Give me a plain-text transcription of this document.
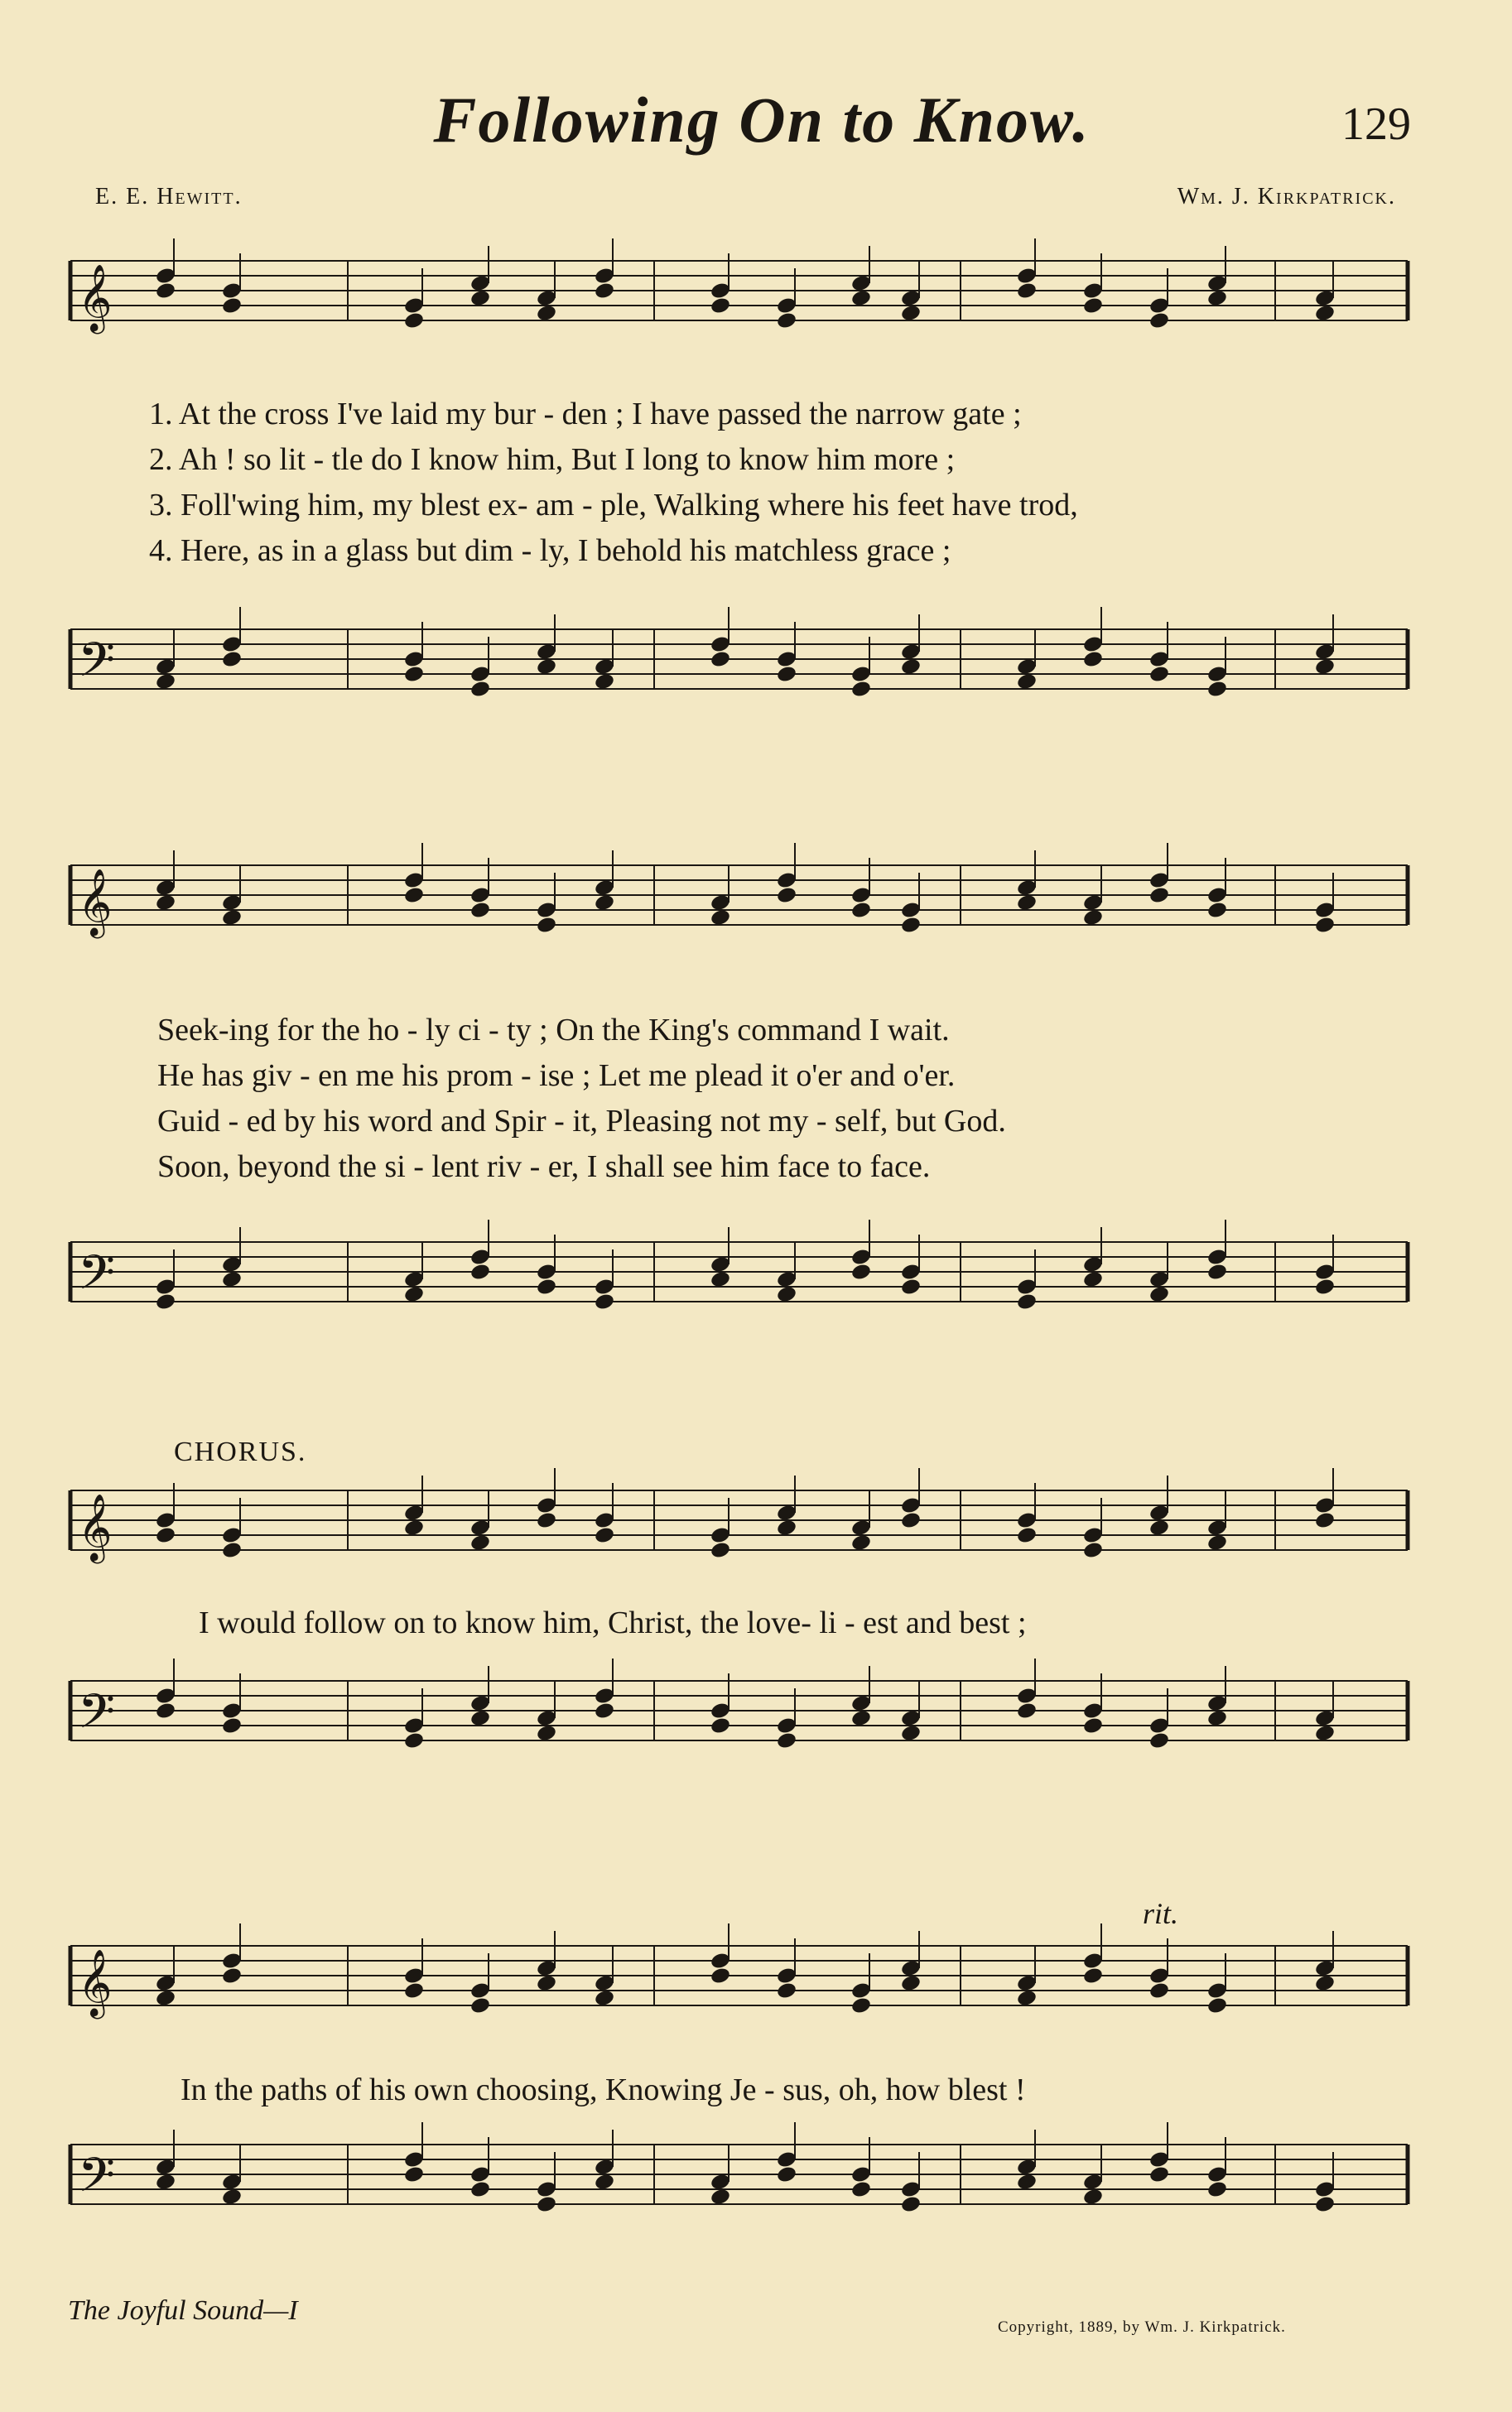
Following On to Know.	129
E. E. Hewitt.	Wm. J. Kirkpatrick.
𝄞
1. At the cross I've laid my bur - den ; I have passed the narrow gate ;
2. Ah ! so lit - tle do I know him, But I long to know him more ;
3. Foll'wing him, my blest ex- am - ple, Walking where his feet have trod,
4. Here, as in a glass but dim - ly, I behold his matchless grace ;
𝄢
𝄞
Seek-ing for the ho - ly ci - ty ; On the King's command I wait.
He has giv - en me his prom - ise ; Let me plead it o'er and o'er.
Guid - ed by his word and Spir - it, Pleasing not my - self, but God.
Soon, beyond the si - lent riv - er, I shall see him face to face.
𝄢
CHORUS.
𝄞
I would follow on to know him, Christ, the love- li - est and best ;
𝄢
rit.
𝄞
In the paths of his own choosing, Knowing Je - sus, oh, how blest !
𝄢
The Joyful Sound—I
Copyright, 1889, by Wm. J. Kirkpatrick.
